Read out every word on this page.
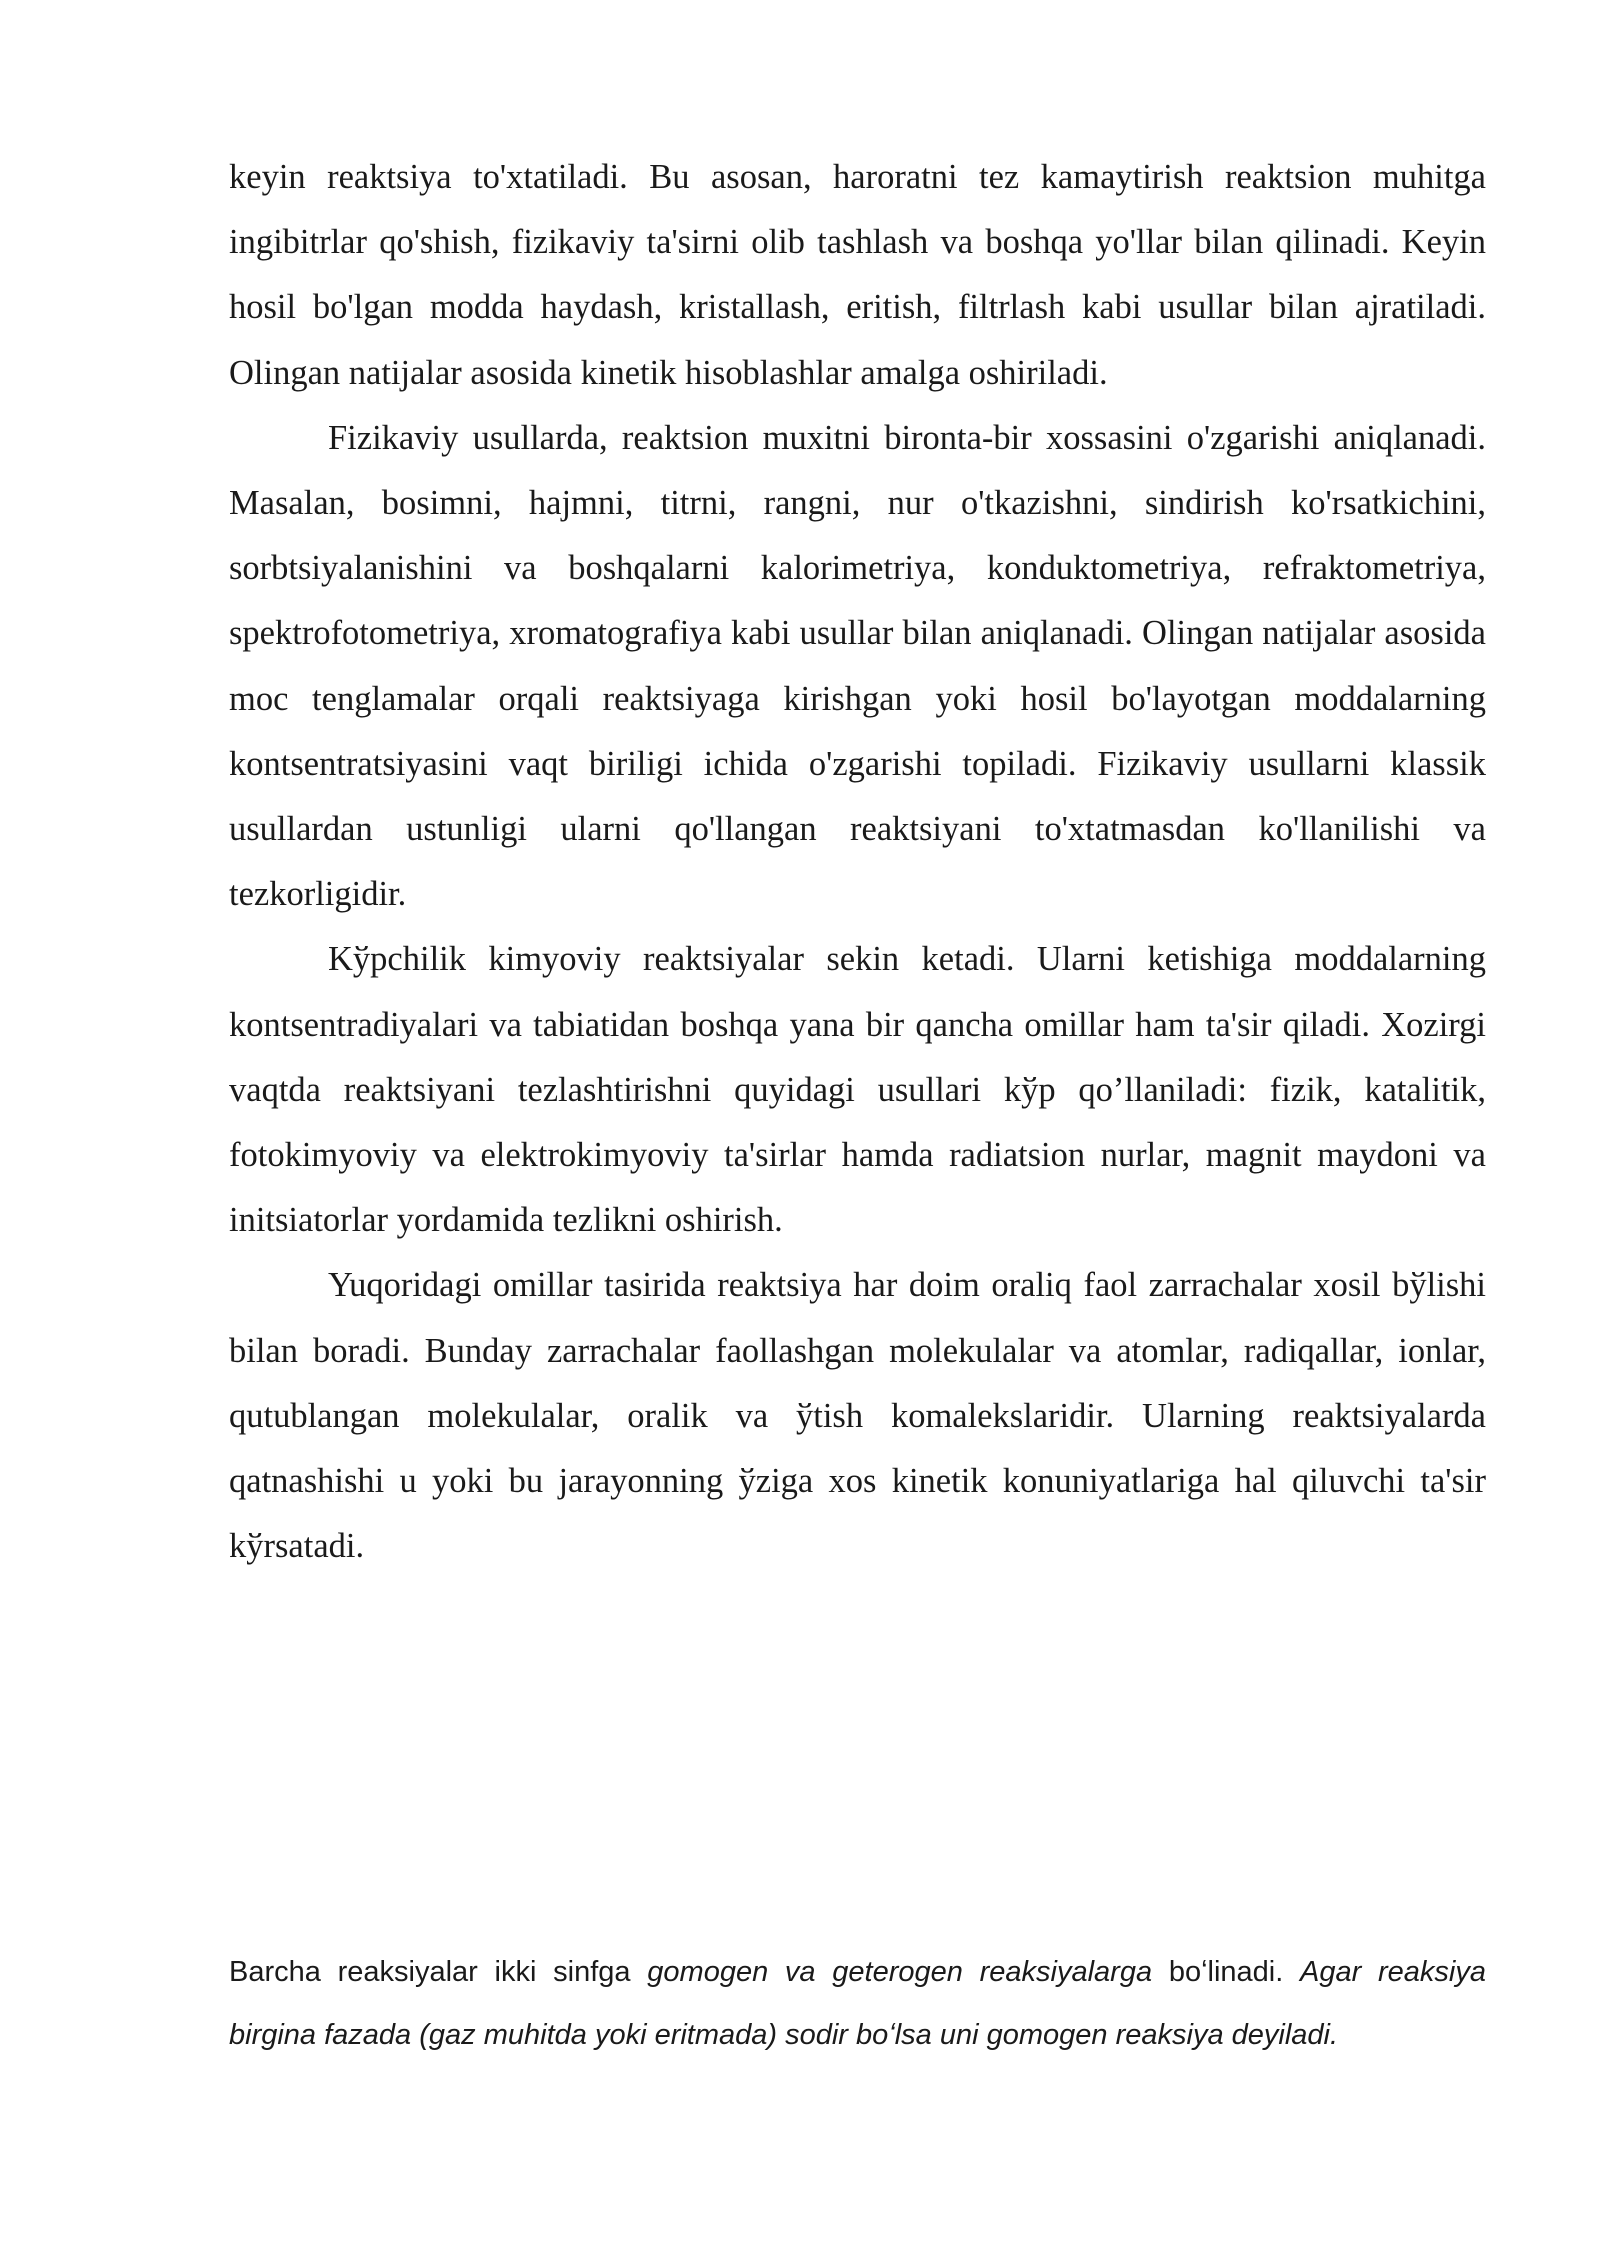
keyin reaktsiya to'xtatiladi. Bu asosan, haroratni tez kamaytirish reaktsion muhitga ingibitrlar qo'shish, fizikaviy ta'sirni olib tashlash va boshqa yo'llar bilan qilinadi. Keyin hosil bo'lgan modda haydash, kristallash, eritish, filtrlash kabi usullar bilan ajratiladi. Olingan natijalar asosida kinetik hisoblashlar amalga oshiriladi.

Fizikaviy usullarda, reaktsion muxitni bironta-bir xossasini o'zgarishi aniqlanadi. Masalan, bosimni, hajmni, titrni, rangni, nur o'tkazishni, sindirish ko'rsatkichini, sorbtsiyalanishini va boshqalarni kalorimetriya, konduktometriya, refraktometriya, spektrofotometriya, xromatografiya kabi usullar bilan aniqlanadi. Olingan natijalar asosida moc tenglamalar orqali reaktsiyaga kirishgan yoki hosil bo'layotgan moddalarning kontsentratsiyasini vaqt biriligi ichida o'zgarishi topiladi. Fizikaviy usullarni klassik usullardan ustunligi ularni qo'llangan reaktsiyani to'xtatmasdan ko'llanilishi va tezkorligidir.

Kўpchilik kimyoviy reaktsiyalar sekin ketadi. Ularni ketishiga moddalarning kontsentradiyalari va tabiatidan boshqa yana bir qancha omillar ham ta'sir qiladi. Xozirgi vaqtda reaktsiyani tezlashtirishni quyidagi usullari kўp qo’llaniladi: fizik, katalitik, fotokimyoviy va elektrokimyoviy ta'sirlar hamda radiatsion nurlar, magnit maydoni va initsiatorlar yordamida tezlikni oshirish.

Yuqoridagi omillar tasirida reaktsiya har doim oraliq faol zarrachalar xosil bўlishi bilan boradi. Bunday zarrachalar faollashgan molekulalar va atomlar, radiqallar, ionlar, qutublangan molekulalar, oralik va ўtish komalekslaridir. Ularning reaktsiyalarda qatnashishi u yoki bu jarayonning ўziga xos kinetik konuniyatlariga hal qiluvchi ta'sir kўrsatadi.

Barcha reaksiyalar ikki sinfga gomogen va geterogen reaksiyalarga boʻlinadi. Agar reaksiya birgina fazada (gaz muhitda yoki eritmada) sodir boʻlsa uni gomogen reaksiya deyiladi.
